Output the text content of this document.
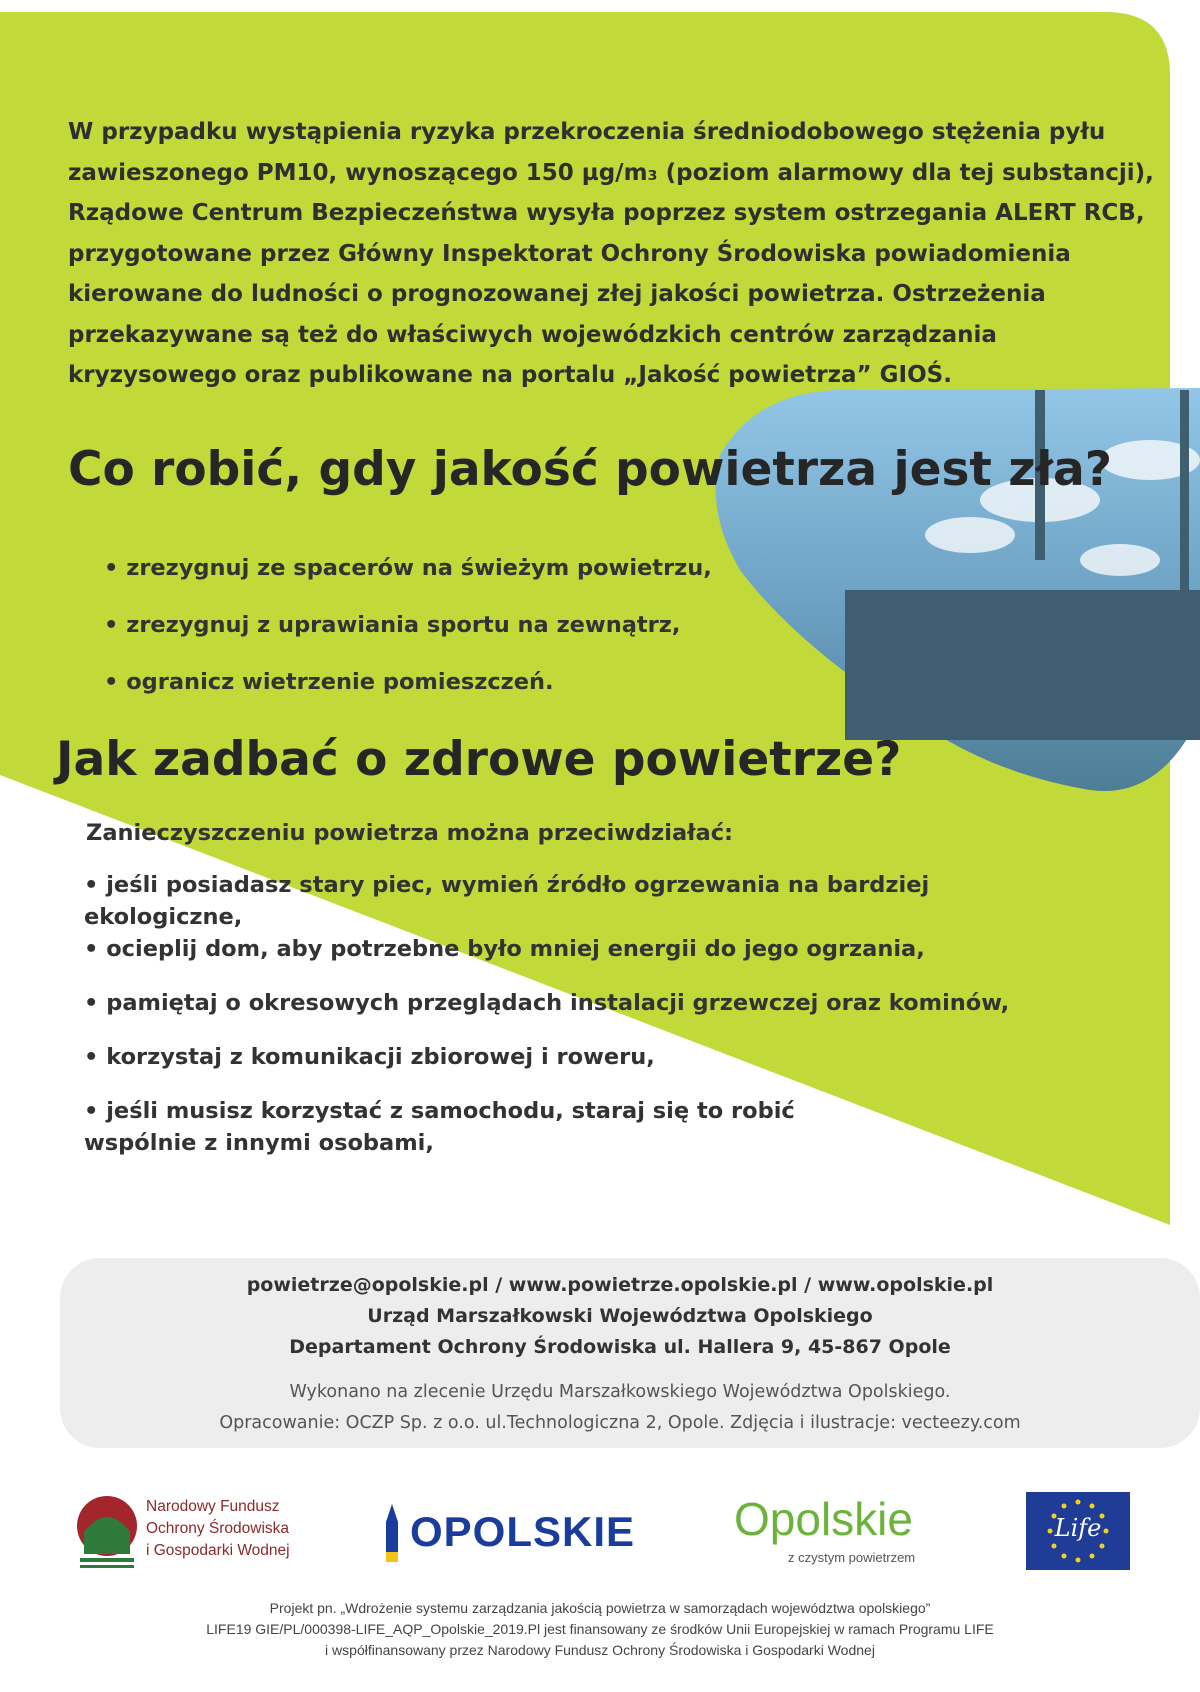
W przypadku wystąpienia ryzyka przekroczenia średniodobowego stężenia pyłu zawieszonego PM10, wynoszącego 150 µg/m₃ (poziom alarmowy dla tej substancji), Rządowe Centrum Bezpieczeństwa wysyła poprzez system ostrzegania ALERT RCB, przygotowane przez Główny Inspektorat Ochrony Środowiska powiadomienia kierowane do ludności o prognozowanej złej jakości powietrza. Ostrzeżenia przekazywane są też do właściwych wojewódzkich centrów zarządzania kryzysowego oraz publikowane na portalu „Jakość powietrza” GIOŚ.

Co robić, gdy jakość powietrza jest zła?
• zrezygnuj ze spacerów na świeżym powietrzu,
• zrezygnuj z uprawiania sportu na zewnątrz,
• ogranicz wietrzenie pomieszczeń.
Jak zadbać o zdrowe powietrze?
Zanieczyszczeniu powietrza można przeciwdziałać:
• jeśli posiadasz stary piec, wymień źródło ogrzewania na bardziej ekologiczne,
• ocieplij dom, aby potrzebne było mniej energii do jego ogrzania,
• pamiętaj o okresowych przeglądach instalacji grzewczej oraz kominów,
• korzystaj z komunikacji zbiorowej i roweru,
• jeśli musisz korzystać z samochodu, staraj się to robić wspólnie z innymi osobami,
powietrze@opolskie.pl / www.powietrze.opolskie.pl / www.opolskie.pl
Urząd Marszałkowski Województwa Opolskiego
Departament Ochrony Środowiska ul. Hallera 9, 45-867 Opole
Wykonano na zlecenie Urzędu Marszałkowskiego Województwa Opolskiego.
Opracowanie: OCZP Sp. z o.o. ul.Technologiczna 2, Opole. Zdjęcia i ilustracje: vecteezy.com
Narodowy Fundusz
Ochrony Środowiska
i Gospodarki Wodnej	OPOLSKIE Opolskie
z czystym powietrzem
Life
Projekt pn. „Wdrożenie systemu zarządzania jakością powietrza w samorządach województwa opolskiego”
LIFE19 GIE/PL/000398-LIFE_AQP_Opolskie_2019.Pl jest finansowany ze środków Unii Europejskiej w ramach Programu LIFE
i współfinansowany przez Narodowy Fundusz Ochrony Środowiska i Gospodarki Wodnej
